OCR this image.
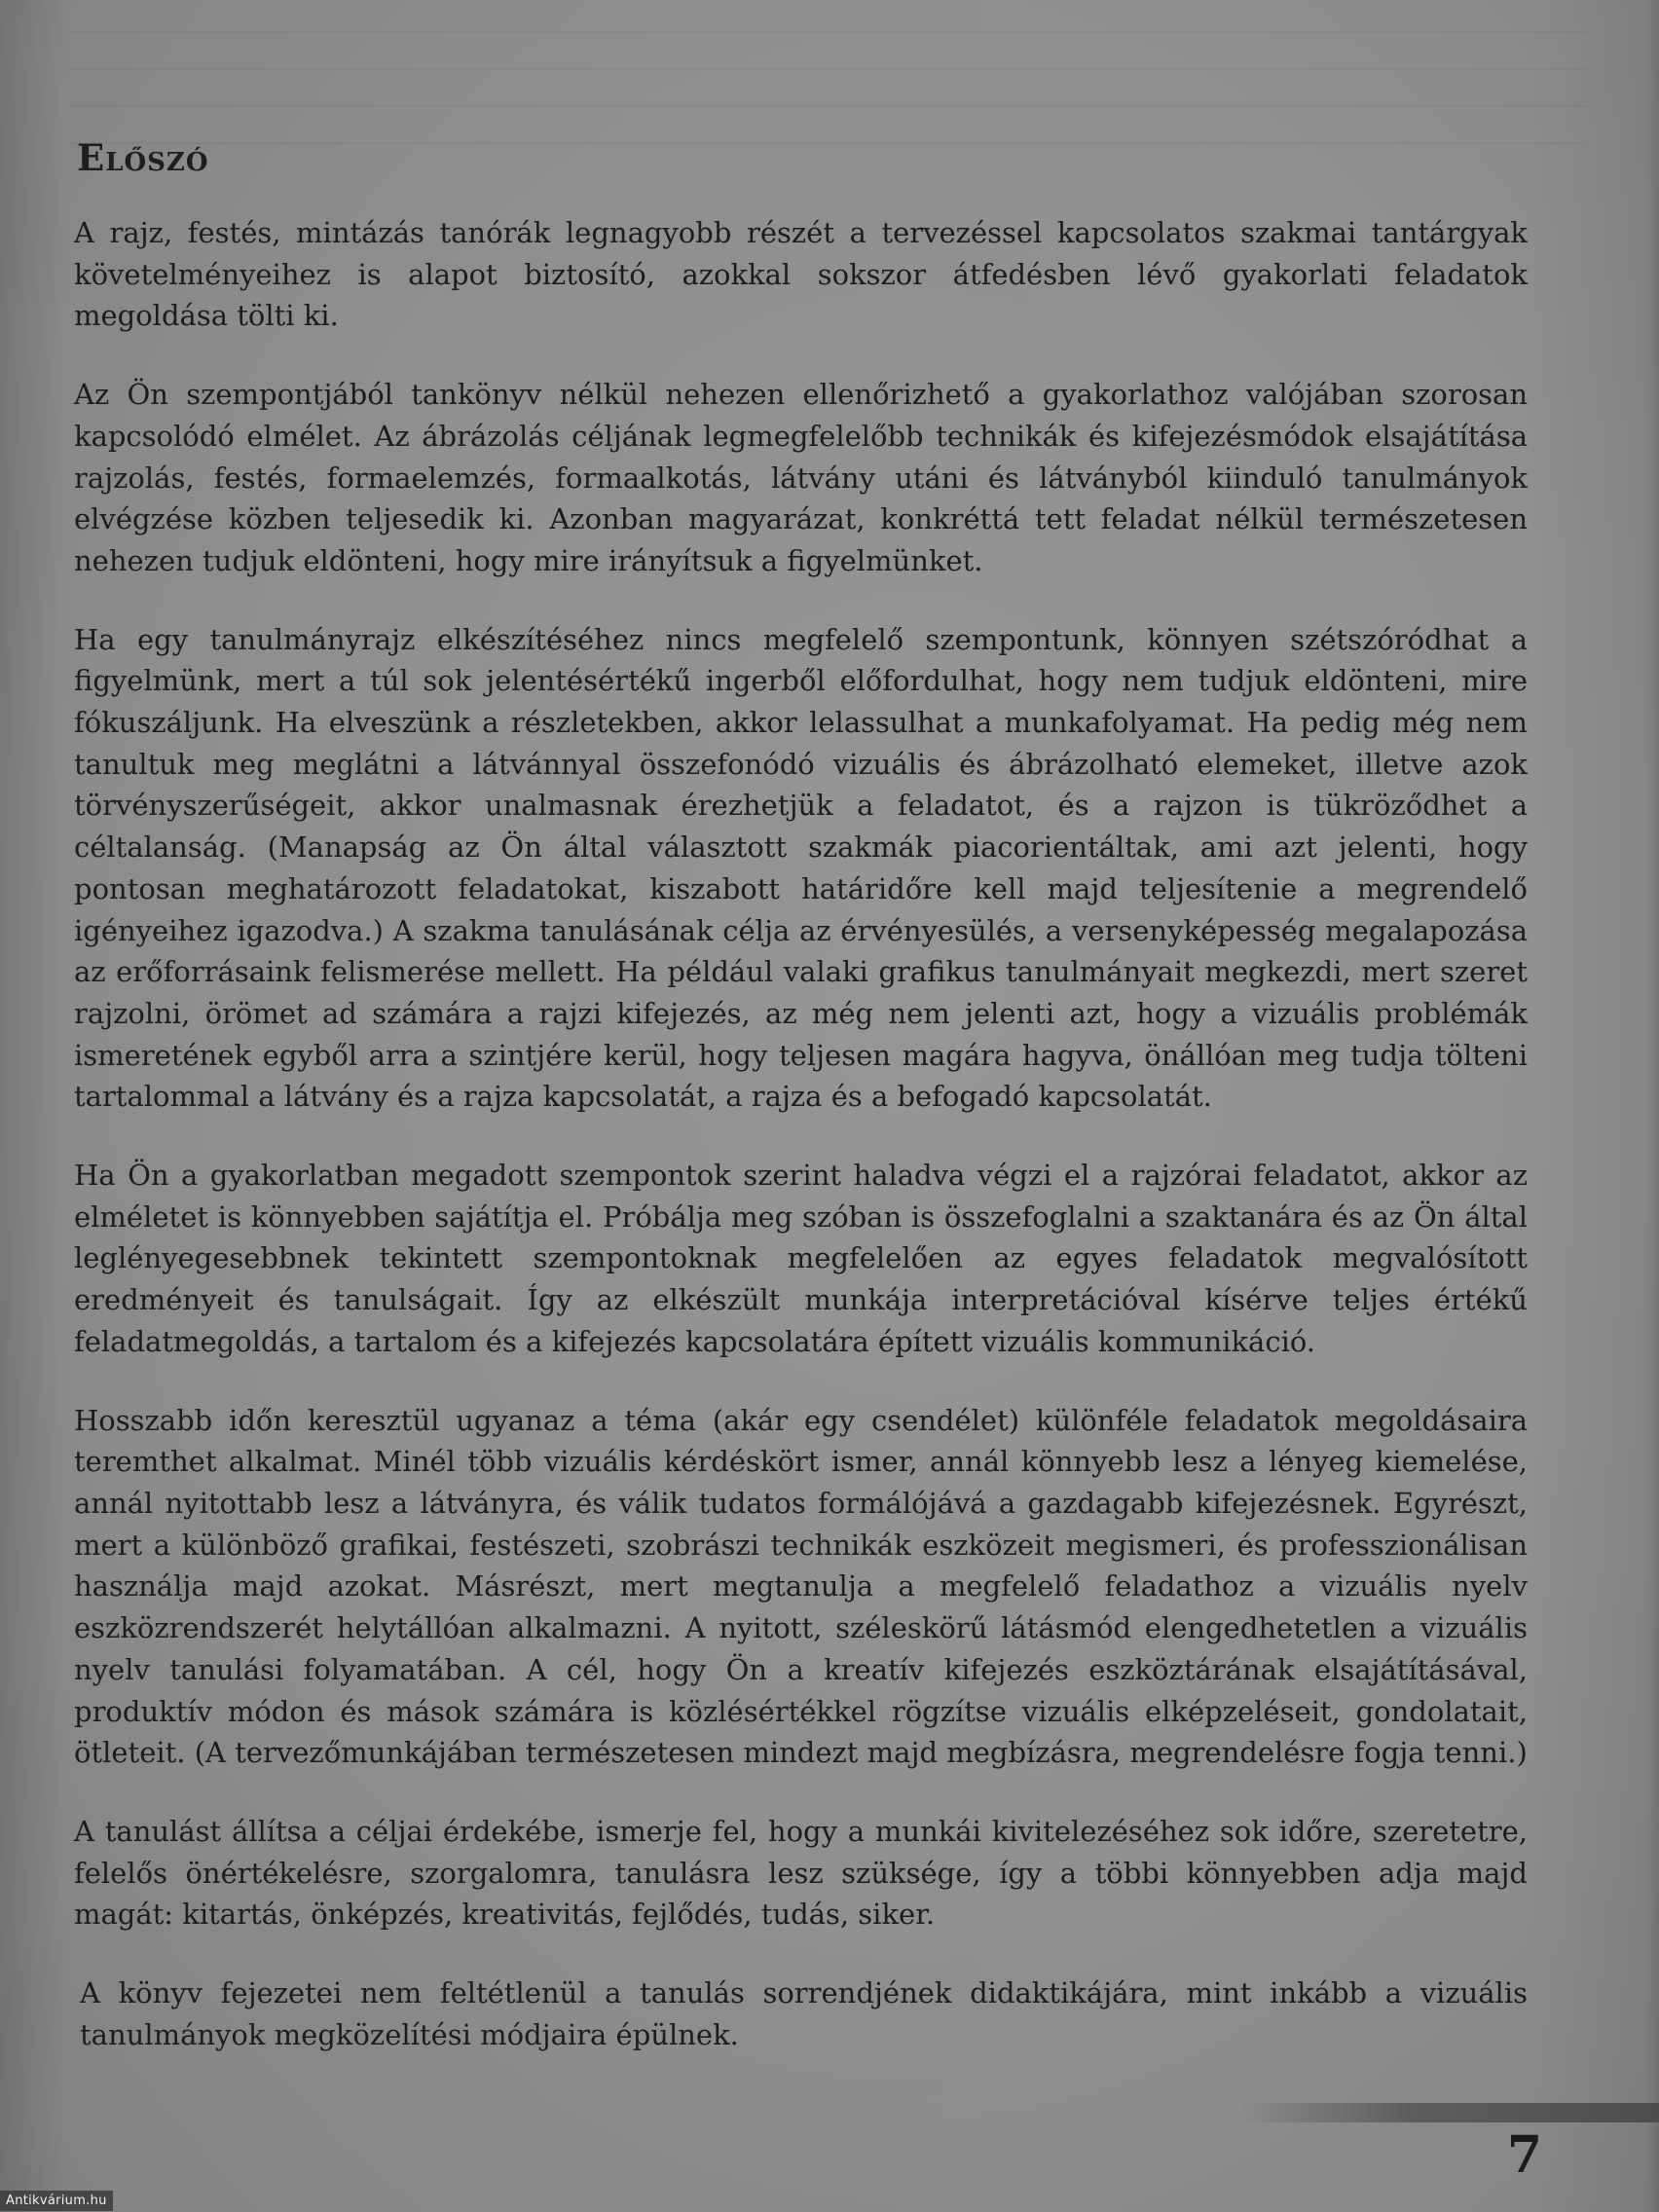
Előszó

A rajz, festés, mintázás tanórák legnagyobb részét a tervezéssel kapcsolatos szakmai tantárgyak követelményeihez is alapot biztosító, azokkal sokszor átfedésben lévő gyakorlati feladatok megoldása tölti ki.

Az Ön szempontjából tankönyv nélkül nehezen ellenőrizhető a gyakorlathoz valójában szorosan kapcsolódó elmélet. Az ábrázolás céljának legmegfelelőbb technikák és kifejezésmódok elsajátítása rajzolás, festés, formaelemzés, formaalkotás, látvány utáni és látványból kiinduló tanulmányok elvégzése közben teljesedik ki. Azonban magyarázat, konkréttá tett feladat nélkül természetesen nehezen tudjuk eldönteni, hogy mire irányítsuk a figyelmünket.

Ha egy tanulmányrajz elkészítéséhez nincs megfelelő szempontunk, könnyen szétszóródhat a figyelmünk, mert a túl sok jelentésértékű ingerből előfordulhat, hogy nem tudjuk eldönteni, mire fókuszáljunk. Ha elveszünk a részletekben, akkor lelassulhat a munkafolyamat. Ha pedig még nem tanultuk meg meglátni a látvánnyal összefonódó vizuális és ábrázolható elemeket, illetve azok törvényszerűségeit, akkor unalmasnak érezhetjük a feladatot, és a rajzon is tükröződhet a céltalanság. (Manapság az Ön által választott szakmák piacorientáltak, ami azt jelenti, hogy pontosan meghatározott feladatokat, kiszabott határidőre kell majd teljesítenie a megrendelő igényeihez igazodva.) A szakma tanulásának célja az érvényesülés, a versenyképesség megalapozása az erőforrásaink felismerése mellett. Ha például valaki grafikus tanulmányait megkezdi, mert szeret rajzolni, örömet ad számára a rajzi kifejezés, az még nem jelenti azt, hogy a vizuális problémák ismeretének egyből arra a szintjére kerül, hogy teljesen magára hagyva, önállóan meg tudja tölteni tartalommal a látvány és a rajza kapcsolatát, a rajza és a befogadó kapcsolatát.

Ha Ön a gyakorlatban megadott szempontok szerint haladva végzi el a rajzórai feladatot, akkor az elméletet is könnyebben sajátítja el. Próbálja meg szóban is összefoglalni a szaktanára és az Ön által leglényegesebbnek tekintett szempontoknak megfelelően az egyes feladatok megvalósított eredményeit és tanulságait. Így az elkészült munkája interpretációval kísérve teljes értékű feladatmegoldás, a tartalom és a kifejezés kapcsolatára épített vizuális kommunikáció.

Hosszabb időn keresztül ugyanaz a téma (akár egy csendélet) különféle feladatok megoldásaira teremthet alkalmat. Minél több vizuális kérdéskört ismer, annál könnyebb lesz a lényeg kiemelése, annál nyitottabb lesz a látványra, és válik tudatos formálójává a gazdagabb kifejezésnek. Egyrészt, mert a különböző grafikai, festészeti, szobrászi technikák eszközeit megismeri, és professzionálisan használja majd azokat. Másrészt, mert megtanulja a megfelelő feladathoz a vizuális nyelv eszközrendszerét helytállóan alkalmazni. A nyitott, széleskörű látásmód elengedhetetlen a vizuális nyelv tanulási folyamatában. A cél, hogy Ön a kreatív kifejezés eszköztárának elsajátításával, produktív módon és mások számára is közlésértékkel rögzítse vizuális elképzeléseit, gondolatait, ötleteit. (A tervezőmunkájában természetesen mindezt majd megbízásra, megrendelésre fogja tenni.)

A tanulást állítsa a céljai érdekébe, ismerje fel, hogy a munkái kivitelezéséhez sok időre, szeretetre, felelős önértékelésre, szorgalomra, tanulásra lesz szüksége, így a többi könnyebben adja majd magát: kitartás, önképzés, kreativitás, fejlődés, tudás, siker.

A könyv fejezetei nem feltétlenül a tanulás sorrendjének didaktikájára, mint inkább a vizuális tanulmányok megközelítési módjaira épülnek.

7
Antikvárium.hu
